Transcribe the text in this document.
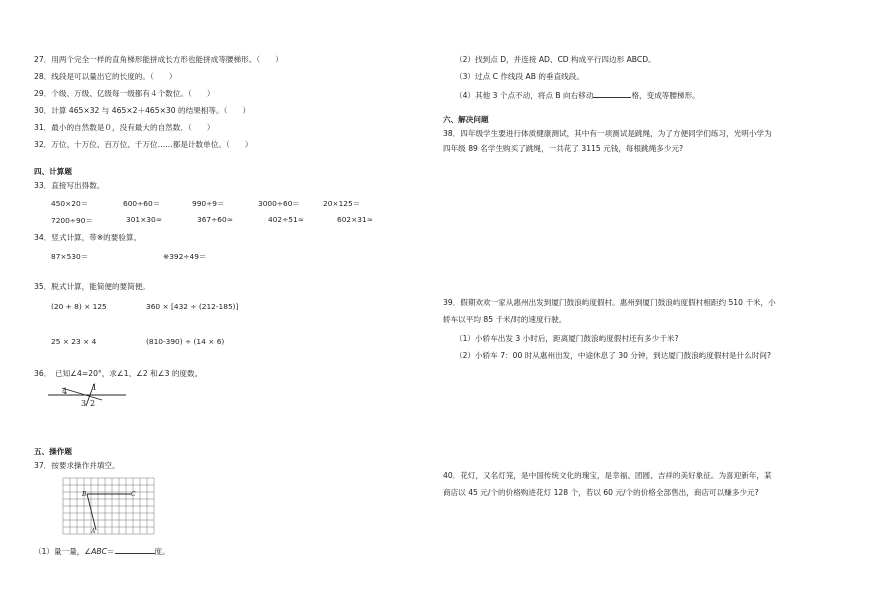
27．用两个完全一样的直角梯形能拼成长方形也能拼成等腰梯形。（　　）
28．线段是可以量出它的长度的。（　　）
29．个级、万级、亿级每一级都有４个数位。（　　）
30．计算 465×32 与 465×2＋465×30 的结果相等。（　　）
31．最小的自然数是０，没有最大的自然数．（　　）
32．万位、十万位、百万位、千万位……都是计数单位。（　　）
四、计算题
33．直接写出得数。
450×20＝	600÷60＝	990÷9＝	3000÷60＝	20×125＝
7200÷90＝	301×30≈	367÷60≈	402÷51≈	602×31≈
34．竖式计算，带※的要验算。
87×530＝	※392÷49＝
35．脱式计算，能简便的要简便。
(20 + 8) × 125	360 × [432 ÷ (212-185)]
25 × 23 × 4	(810-390) ÷ (14 × 6)
36．　已知∠4=20°，求∠1、∠2 和∠3 的度数。
4	1
3 2
五、操作题
37．按要求操作并填空。
B	C
A
（1）量一量，∠ABC＝	度。
（2）找到点 D，并连接 AD、CD 构成平行四边形 ABCD。
（3）过点 C 作线段 AB 的垂直线段。
（4）其他 3 个点不动，将点 B 向右移动	格，变成等腰梯形。
六、解决问题
38．四年级学生要进行体质健康测试，其中有一项测试是跳绳，为了方便同学们练习，光明小学为
四年级 89 名学生购买了跳绳，一共花了 3115 元钱，每根跳绳多少元?
39．假期欢欢一家从惠州出发到厦门鼓浪屿度假村。惠州到厦门鼓浪屿度假村相距约 510 千米，小
轿车以平均 85 千米/时的速度行驶。
（1）小轿车出发 3 小时后，距离厦门鼓浪屿度假村还有多少千米?
（2）小轿车 7：00 时从惠州出发，中途休息了 30 分钟，到达厦门鼓浪屿度假村是什么时间?
40．花灯，又名灯笼，是中国传统文化的瑰宝，是幸福、团圆、吉祥的美好象征。为喜迎新年，某
商店以 45 元/个的价格购进花灯 128 个，若以 60 元/个的价格全部售出，商店可以赚多少元?
